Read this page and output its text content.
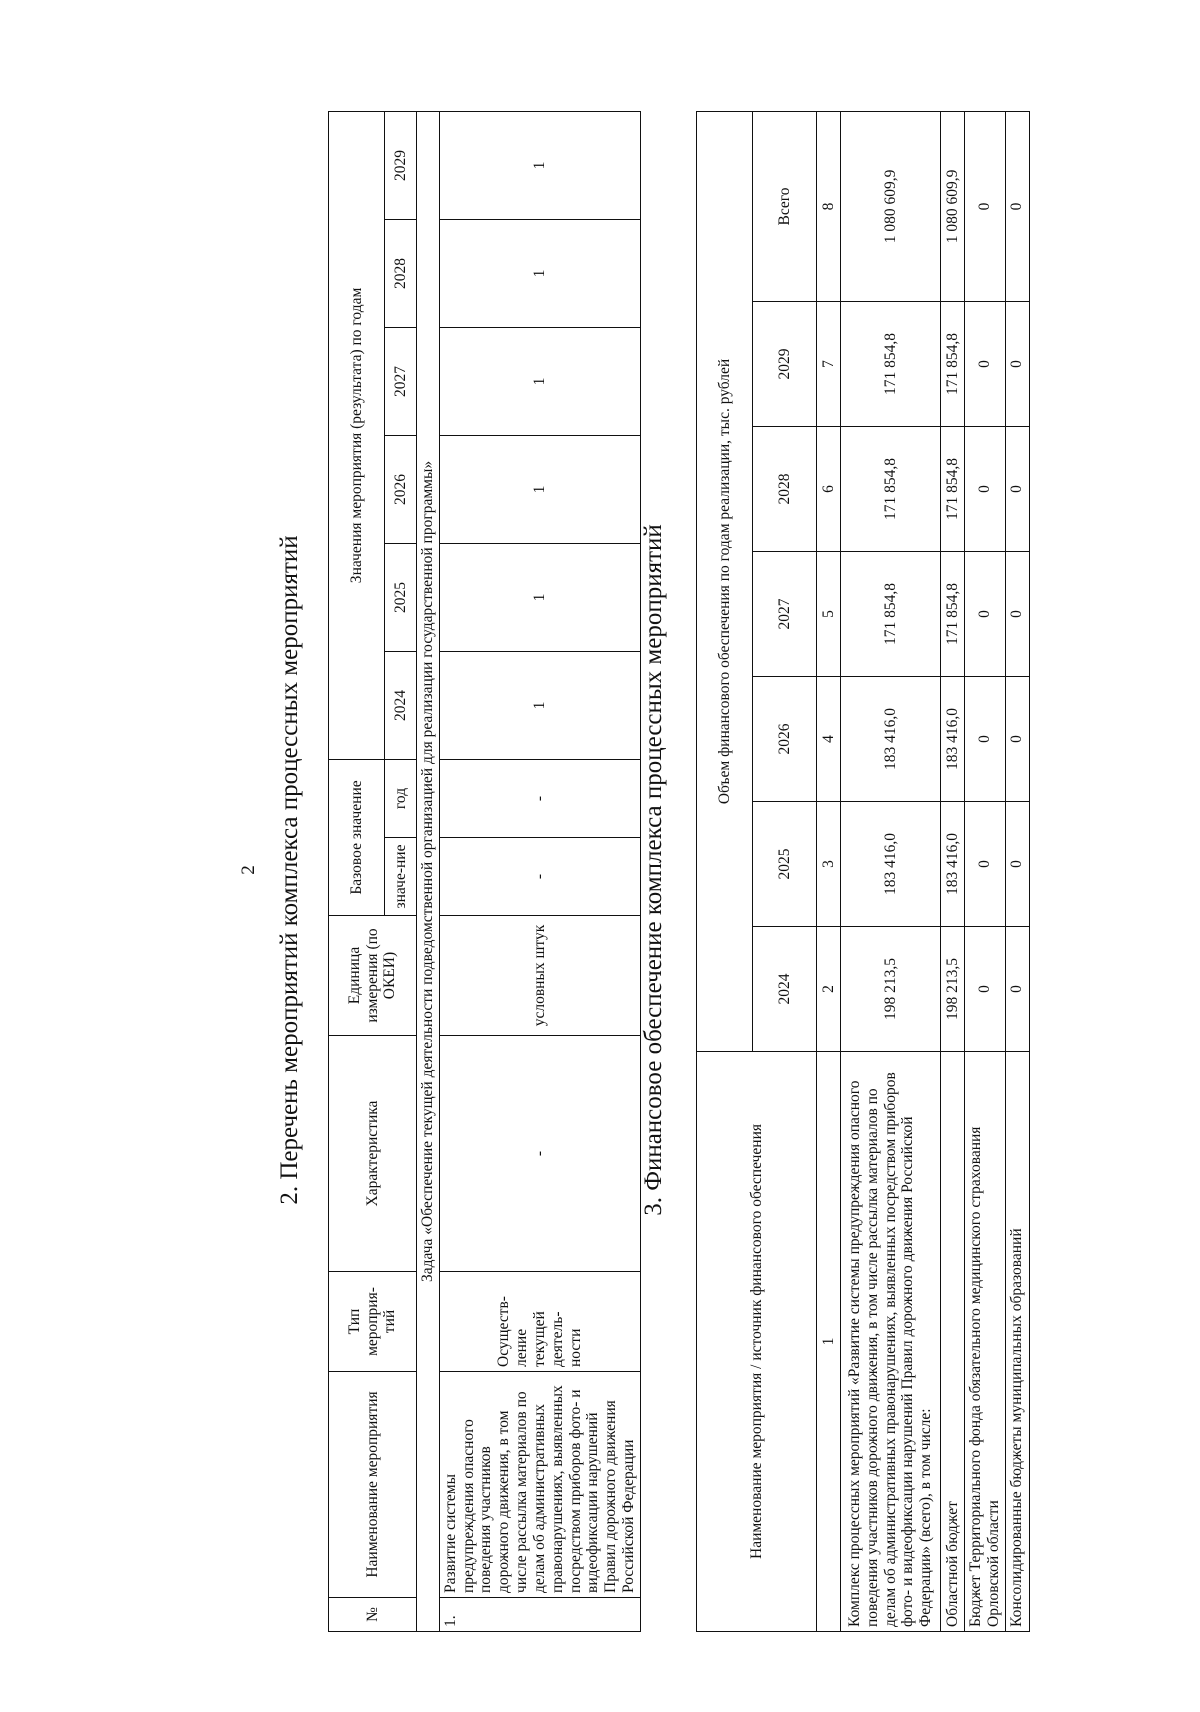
2 2. Перечень мероприятий комплекса процессных мероприятий
№	Наименование мероприятия	Тип мероприя-тий	Характеристика	Единица измерения (по ОКЕИ)	Базовое значение		Значения мероприятия (результата) по годам					
					значе-ние	год	2024	2025	2026	2027	2028	2029
Задача «Обеспечение текущей деятельности подведомственной организацией для реализации государственной программы»												
1.	Развитие системы предупреждения опасного поведения участников дорожного движения, в том числе рассылка материалов по делам об административных правонарушениях, выявленных посредством приборов фото- и видеофиксации нарушений Правил дорожного движения Российской Федерации	Осуществ-ление текущей деятель-ности	-	условных штук	-	-	1	1	1	1	1	1
3. Финансовое обеспечение комплекса процессных мероприятий
Наименование мероприятия / источник финансового обеспечения	Объем финансового обеспечения по годам реализации, тыс. рублей						
	2024	2025	2026	2027	2028	2029	Всего
1	2	3	4	5	6	7	8
Комплекс процессных мероприятий «Развитие системы предупреждения опасного поведения участников дорожного движения, в том числе рассылка материалов по делам об административных правонарушениях, выявленных посредством приборов фото- и видеофиксации нарушений Правил дорожного движения Российской Федерации» (всего), в том числе:	198 213,5	183 416,0	183 416,0	171 854,8	171 854,8	171 854,8	1 080 609,9
Областной бюджет	198 213,5	183 416,0	183 416,0	171 854,8	171 854,8	171 854,8	1 080 609,9
Бюджет Территориального фонда обязательного медицинского страхования Орловской области	0	0	0	0	0	0	0
Консолидированные бюджеты муниципальных образований	0	0	0	0	0	0	0
